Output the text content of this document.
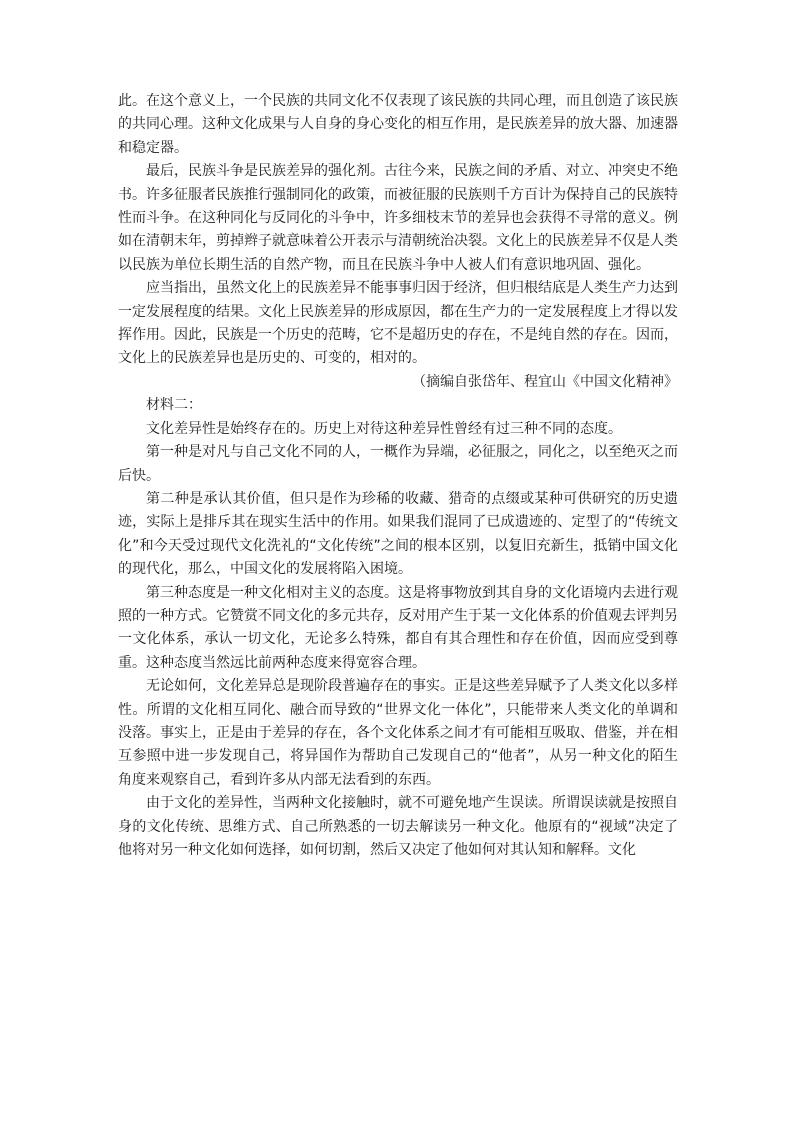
此。在这个意义上，一个民族的共同文化不仅表现了该民族的共同心理，而且创造了该民族的共同心理。这种文化成果与人自身的身心变化的相互作用，是民族差异的放大器、加速器和稳定器。

最后，民族斗争是民族差异的强化剂。古往今来，民族之间的矛盾、对立、冲突史不绝书。许多征服者民族推行强制同化的政策，而被征服的民族则千方百计为保持自己的民族特性而斗争。在这种同化与反同化的斗争中，许多细枝末节的差异也会获得不寻常的意义。例如在清朝末年，剪掉辫子就意味着公开表示与清朝统治决裂。文化上的民族差异不仅是人类以民族为单位长期生活的自然产物，而且在民族斗争中人被人们有意识地巩固、强化。

应当指出，虽然文化上的民族差异不能事事归因于经济，但归根结底是人类生产力达到一定发展程度的结果。文化上民族差异的形成原因，都在生产力的一定发展程度上才得以发挥作用。因此，民族是一个历史的范畴，它不是超历史的存在，不是纯自然的存在。因而，文化上的民族差异也是历史的、可变的，相对的。

（摘编自张岱年、程宜山《中国文化精神》

材料二：

文化差异性是始终存在的。历史上对待这种差异性曾经有过三种不同的态度。

第一种是对凡与自己文化不同的人，一概作为异端，必征服之，同化之，以至绝灭之而后快。

第二种是承认其价值，但只是作为珍稀的收藏、猎奇的点缀或某种可供研究的历史遗迹，实际上是排斥其在现实生活中的作用。如果我们混同了已成遗迹的、定型了的“传统文化”和今天受过现代文化洗礼的“文化传统”之间的根本区别，以复旧充新生，抵销中国文化的现代化，那么，中国文化的发展将陷入困境。

第三种态度是一种文化相对主义的态度。这是将事物放到其自身的文化语境内去进行观照的一种方式。它赞赏不同文化的多元共存，反对用产生于某一文化体系的价值观去评判另一文化体系，承认一切文化，无论多么特殊，都自有其合理性和存在价值，因而应受到尊重。这种态度当然远比前两种态度来得宽容合理。

无论如何，文化差异总是现阶段普遍存在的事实。正是这些差异赋予了人类文化以多样性。所谓的文化相互同化、融合而导致的“世界文化一体化”，只能带来人类文化的单调和没落。事实上，正是由于差异的存在，各个文化体系之间才有可能相互吸取、借鉴，并在相互参照中进一步发现自己，将异国作为帮助自己发现自己的“他者”，从另一种文化的陌生角度来观察自己，看到许多从内部无法看到的东西。

由于文化的差异性，当两种文化接触时，就不可避免地产生误读。所谓误读就是按照自身的文化传统、思维方式、自己所熟悉的一切去解读另一种文化。他原有的“视域”决定了他将对另一种文化如何选择，如何切割，然后又决定了他如何对其认知和解释。文化
